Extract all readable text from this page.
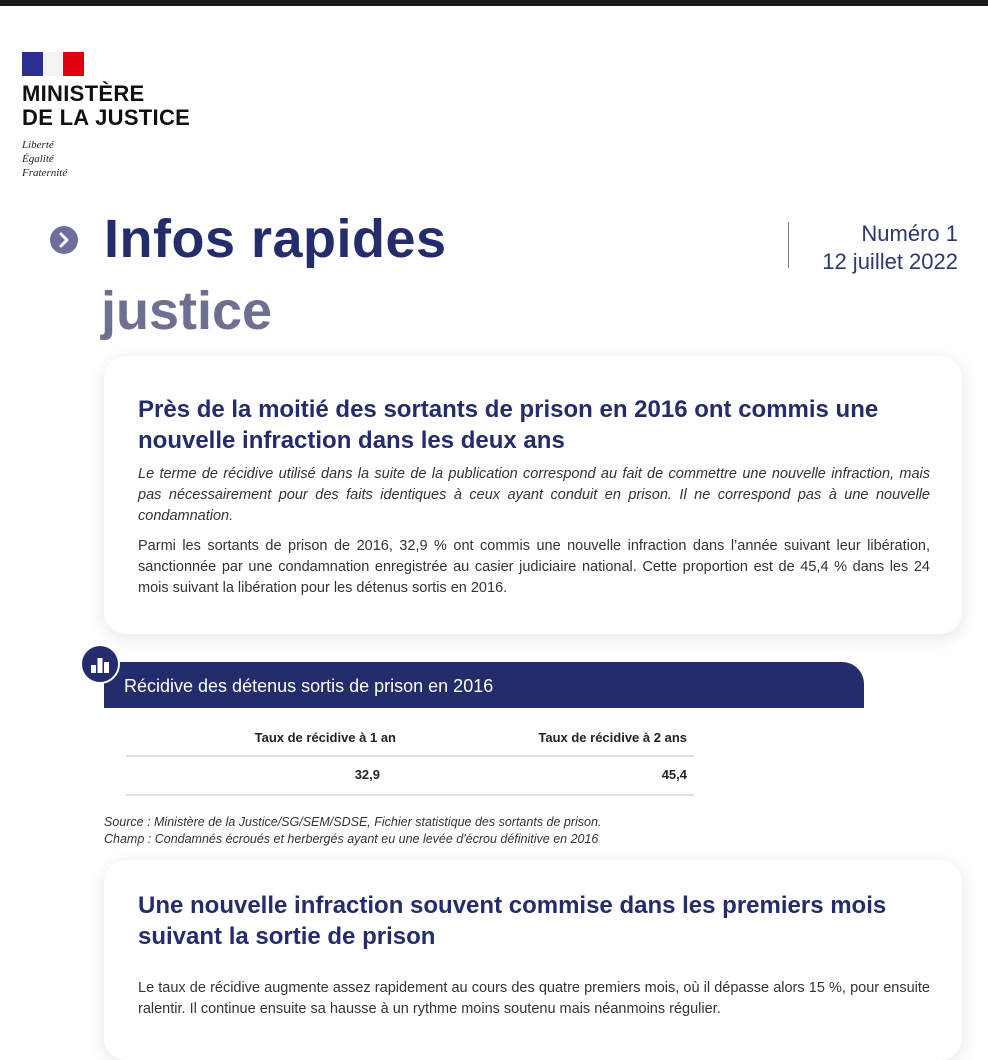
MINISTÈRE
DE LA JUSTICE
Liberté
Égalité
Fraternité
Infos rapides
justice
Numéro 1
12 juillet 2022
Près de la moitié des sortants de prison en 2016 ont commis une nouvelle infraction dans les deux ans
Le terme de récidive utilisé dans la suite de la publication correspond au fait de commettre une nouvelle infraction, mais pas nécessairement pour des faits identiques à ceux ayant conduit en prison. Il ne correspond pas à une nouvelle condamnation.
Parmi les sortants de prison de 2016, 32,9 % ont commis une nouvelle infraction dans l’année suivant leur libération, sanctionnée par une condamnation enregistrée au casier judiciaire national. Cette proportion est de 45,4 % dans les 24 mois suivant la libération pour les détenus sortis en 2016.
Récidive des détenus sortis de prison en 2016
Taux de récidive à 1 an	Taux de récidive à 2 ans
32,9	45,4
Source : Ministère de la Justice/SG/SEM/SDSE, Fichier statistique des sortants de prison.
Champ : Condamnés écroués et herbergés ayant eu une levée d'écrou définitive en 2016
Une nouvelle infraction souvent commise dans les premiers mois suivant la sortie de prison
Le taux de récidive augmente assez rapidement au cours des quatre premiers mois, où il dépasse alors 15 %, pour ensuite ralentir. Il continue ensuite sa hausse à un rythme moins soutenu mais néanmoins régulier.
